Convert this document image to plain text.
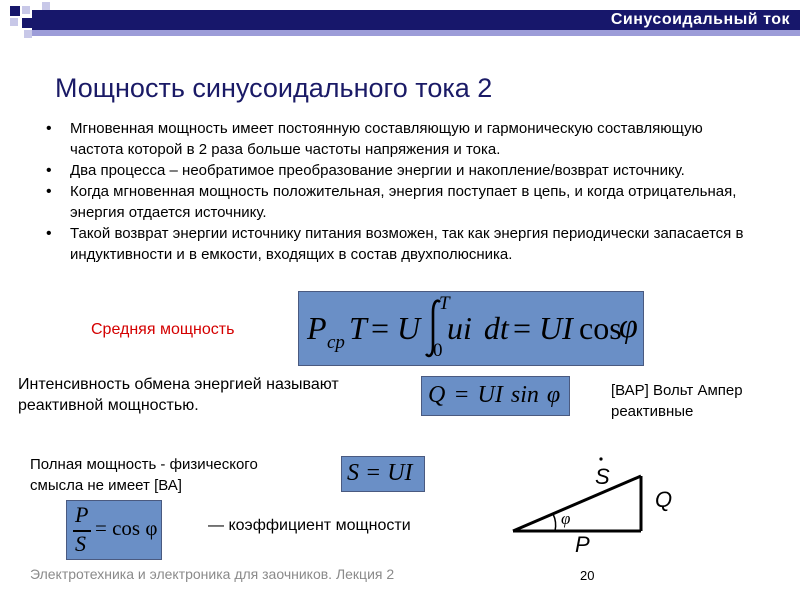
Синусоидальный ток
Мощность синусоидального тока 2
• Мгновенная мощность имеет постоянную составляющую и гармоническую составляющую частота которой в 2 раза больше частоты напряжения и тока.
• Два процесса – необратимое преобразование энергии и накопление/возврат источнику.
• Когда мгновенная мощность положительная, энергия поступает в цепь, и когда отрицательная, энергия отдается источнику.
• Такой возврат энергии источнику питания возможен, так как энергия периодически запасается в индуктивности и в емкости, входящих в состав двухполюсника.
Средняя мощность P ср T = U
T
0
ui dt = UI cos
φ
Интенсивность обмена энергией называют
реактивной мощностью.	Q = UI sin φ	[ВАР] Вольт Ампер
реактивные
Полная мощность - физического
смысла не имеет [ВА]	S = UI
P
S
= cos φ	— коэффициент мощности
S
Q
P
φ
Электротехника и электроника для заочников. Лекция 2	20
